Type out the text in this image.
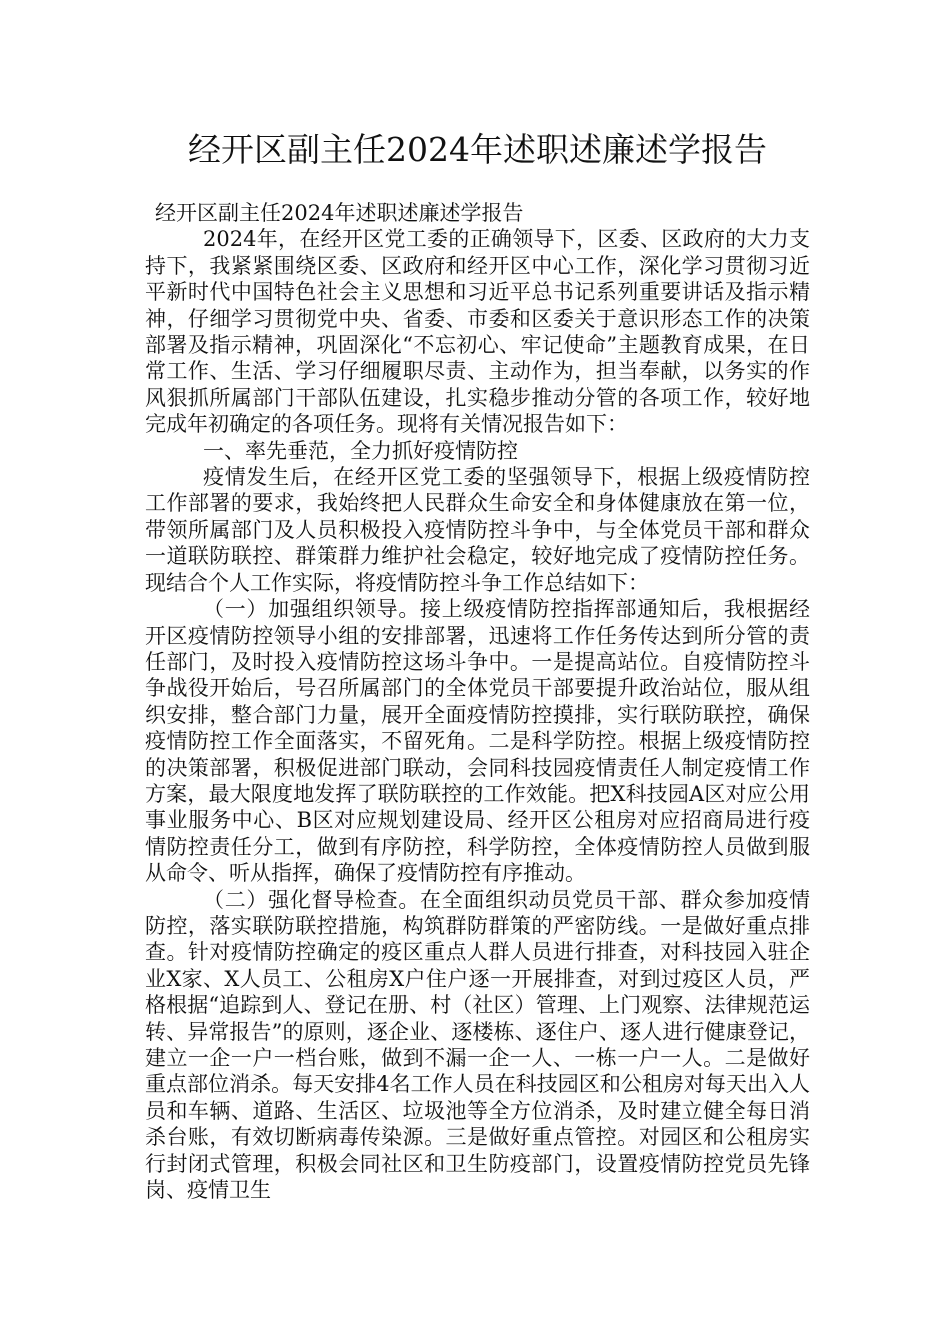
经开区副主任2024年述职述廉述学报告

经开区副主任2024年述职述廉述学报告

2024年，在经开区党工委的正确领导下，区委、区政府的大力支持下，我紧紧围绕区委、区政府和经开区中心工作，深化学习贯彻习近平新时代中国特色社会主义思想和习近平总书记系列重要讲话及指示精神，仔细学习贯彻党中央、省委、市委和区委关于意识形态工作的决策部署及指示精神，巩固深化“不忘初心、牢记使命”主题教育成果，在日常工作、生活、学习仔细履职尽责、主动作为，担当奉献，以务实的作风狠抓所属部门干部队伍建设，扎实稳步推动分管的各项工作，较好地完成年初确定的各项任务。现将有关情况报告如下：

一、率先垂范，全力抓好疫情防控

疫情发生后，在经开区党工委的坚强领导下，根据上级疫情防控工作部署的要求，我始终把人民群众生命安全和身体健康放在第一位，带领所属部门及人员积极投入疫情防控斗争中，与全体党员干部和群众一道联防联控、群策群力维护社会稳定，较好地完成了疫情防控任务。现结合个人工作实际，将疫情防控斗争工作总结如下：

（一）加强组织领导。接上级疫情防控指挥部通知后，我根据经开区疫情防控领导小组的安排部署，迅速将工作任务传达到所分管的责任部门，及时投入疫情防控这场斗争中。一是提高站位。自疫情防控斗争战役开始后，号召所属部门的全体党员干部要提升政治站位，服从组织安排，整合部门力量，展开全面疫情防控摸排，实行联防联控，确保疫情防控工作全面落实，不留死角。二是科学防控。根据上级疫情防控的决策部署，积极促进部门联动，会同科技园疫情责任人制定疫情工作方案，最大限度地发挥了联防联控的工作效能。把X科技园A区对应公用事业服务中心、B区对应规划建设局、经开区公租房对应招商局进行疫情防控责任分工，做到有序防控，科学防控，全体疫情防控人员做到服从命令、听从指挥，确保了疫情防控有序推动。

（二）强化督导检查。在全面组织动员党员干部、群众参加疫情防控，落实联防联控措施，构筑群防群策的严密防线。一是做好重点排查。针对疫情防控确定的疫区重点人群人员进行排查，对科技园入驻企业X家、X人员工、公租房X户住户逐一开展排查，对到过疫区人员，严格根据“追踪到人、登记在册、村（社区）管理、上门观察、法律规范运转、异常报告”的原则，逐企业、逐楼栋、逐住户、逐人进行健康登记，建立一企一户一档台账，做到不漏一企一人、一栋一户一人。二是做好重点部位消杀。每天安排4名工作人员在科技园区和公租房对每天出入人员和车辆、道路、生活区、垃圾池等全方位消杀，及时建立健全每日消杀台账，有效切断病毒传染源。三是做好重点管控。对园区和公租房实行封闭式管理，积极会同社区和卫生防疫部门，设置疫情防控党员先锋岗、疫情卫生
